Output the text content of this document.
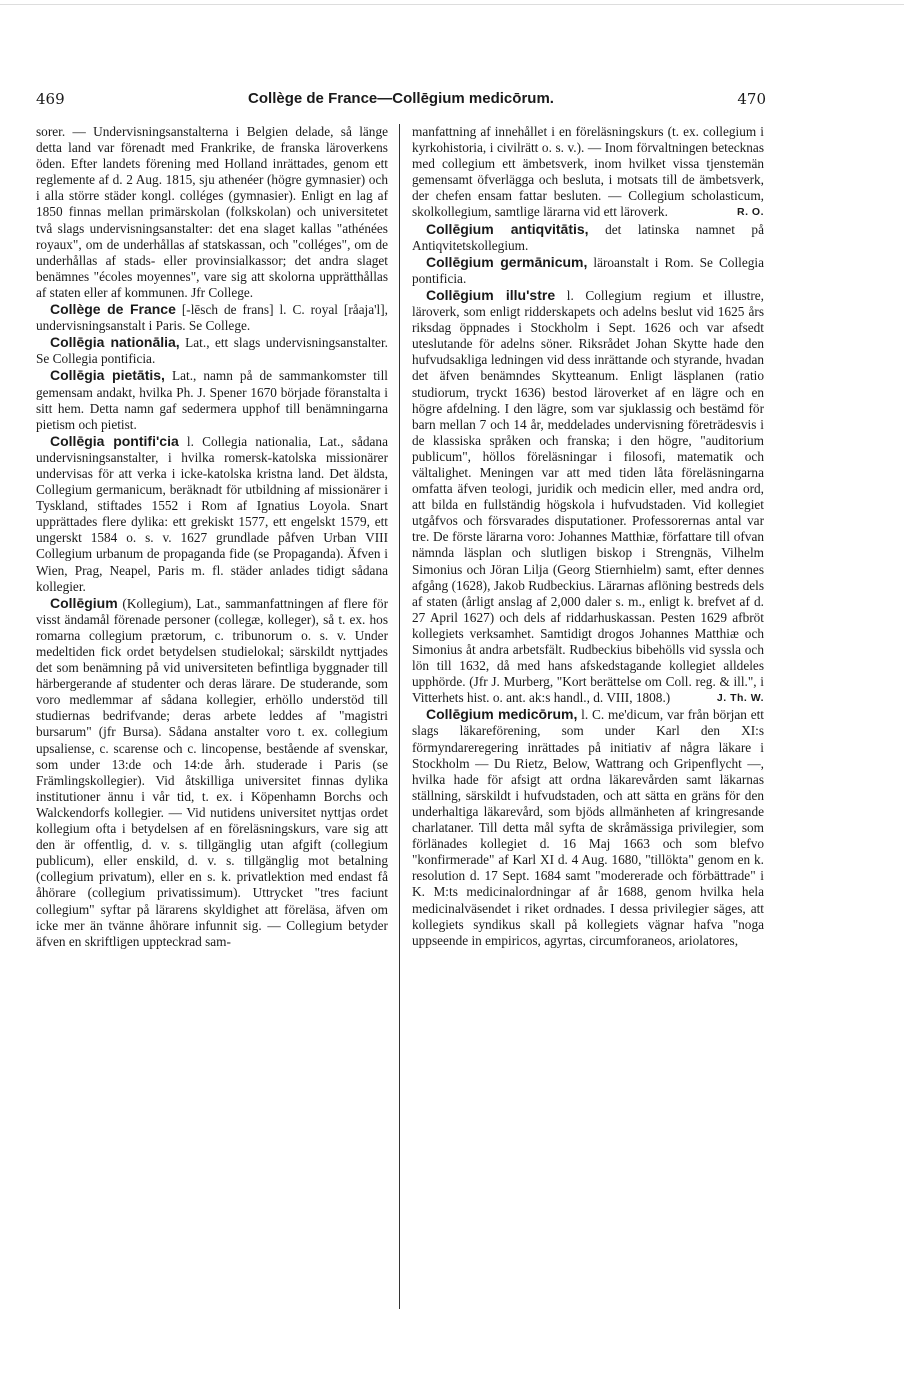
469	Collège de France—Collēgium medicōrum.	470

sorer. — Undervisningsanstalterna i Belgien delade, så länge detta land var förenadt med Frankrike, de franska läroverkens öden. Efter landets förening med Holland inrättades, genom ett reglemente af d. 2 Aug. 1815, sju athenéer (högre gymnasier) och i alla större städer kongl. colléges (gymnasier). Enligt en lag af 1850 finnas mellan primärskolan (folkskolan) och universitetet två slags undervisningsanstalter: det ena slaget kallas "athénées royaux", om de underhållas af statskassan, och "colléges", om de underhållas af stads- eller provinsialkassor; det andra slaget benämnes "écoles moyennes", vare sig att skolorna upprätthållas af staten eller af kommunen. Jfr College.

Collège de France [-lēsch de frans] l. C. royal [råaja'l], undervisningsanstalt i Paris. Se College.

Collēgia nationālia, Lat., ett slags undervisningsanstalter. Se Collegia pontificia.

Collēgia pietātis, Lat., namn på de sammankomster till gemensam andakt, hvilka Ph. J. Spener 1670 började föranstalta i sitt hem. Detta namn gaf sedermera upphof till benämningarna pietism och pietist.

Collēgia pontifi'cia l. Collegia nationalia, Lat., sådana undervisningsanstalter, i hvilka romersk-katolska missionärer undervisas för att verka i icke-katolska kristna land. Det äldsta, Collegium germanicum, beräknadt för utbildning af missionärer i Tyskland, stiftades 1552 i Rom af Ignatius Loyola. Snart upprättades flere dylika: ett grekiskt 1577, ett engelskt 1579, ett ungerskt 1584 o. s. v. 1627 grundlade påfven Urban VIII Collegium urbanum de propaganda fide (se Propaganda). Äfven i Wien, Prag, Neapel, Paris m. fl. städer anlades tidigt sådana kollegier.

Collēgium (Kollegium), Lat., sammanfattningen af flere för visst ändamål förenade personer (collegæ, kolleger), så t. ex. hos romarna collegium prætorum, c. tribunorum o. s. v. Under medeltiden fick ordet betydelsen studielokal; särskildt nyttjades det som benämning på vid universiteten befintliga byggnader till härbergerande af studenter och deras lärare. De studerande, som voro medlemmar af sådana kollegier, erhöllo understöd till studiernas bedrifvande; deras arbete leddes af "magistri bursarum" (jfr Bursa). Sådana anstalter voro t. ex. collegium upsaliense, c. scarense och c. lincopense, bestående af svenskar, som under 13:de och 14:de årh. studerade i Paris (se Främlingskollegier). Vid åtskilliga universitet finnas dylika institutioner ännu i vår tid, t. ex. i Köpenhamn Borchs och Walckendorfs kollegier. — Vid nutidens universitet nyttjas ordet kollegium ofta i betydelsen af en föreläsningskurs, vare sig att den är offentlig, d. v. s. tillgänglig utan afgift (collegium publicum), eller enskild, d. v. s. tillgänglig mot betalning (collegium privatum), eller en s. k. privatlektion med endast få åhörare (collegium privatissimum). Uttrycket "tres faciunt collegium" syftar på lärarens skyldighet att föreläsa, äfven om icke mer än tvänne åhörare infunnit sig. — Collegium betyder äfven en skriftligen uppteckrad sam-

manfattning af innehållet i en föreläsningskurs (t. ex. collegium i kyrkohistoria, i civilrätt o. s. v.). — Inom förvaltningen betecknas med collegium ett ämbetsverk, inom hvilket vissa tjenstemän gemensamt öfverlägga och besluta, i motsats till de ämbetsverk, der chefen ensam fattar besluten. — Collegium scholasticum, skolkollegium, samtlige lärarna vid ett läroverk.	R. O.

Collēgium antiqvitātis, det latinska namnet på Antiqvitetskollegium.

Collēgium germānicum, läroanstalt i Rom. Se Collegia pontificia.

Collēgium illu'stre l. Collegium regium et illustre, läroverk, som enligt ridderskapets och adelns beslut vid 1625 års riksdag öppnades i Stockholm i Sept. 1626 och var afsedt uteslutande för adelns söner. Riksrådet Johan Skytte hade den hufvudsakliga ledningen vid dess inrättande och styrande, hvadan det äfven benämndes Skytteanum. Enligt läsplanen (ratio studiorum, tryckt 1636) bestod läroverket af en lägre och en högre afdelning. I den lägre, som var sjuklassig och bestämd för barn mellan 7 och 14 år, meddelades undervisning företrädesvis i de klassiska språken och franska; i den högre, "auditorium publicum", höllos föreläsningar i filosofi, matematik och vältalighet. Meningen var att med tiden låta föreläsningarna omfatta äfven teologi, juridik och medicin eller, med andra ord, att bilda en fullständig högskola i hufvudstaden. Vid kollegiet utgåfvos och försvarades disputationer. Professorernas antal var tre. De förste lärarna voro: Johannes Matthiæ, författare till ofvan nämnda läsplan och slutligen biskop i Strengnäs, Vilhelm Simonius och Jöran Lilja (Georg Stiernhielm) samt, efter dennes afgång (1628), Jakob Rudbeckius. Lärarnas aflöning bestreds dels af staten (årligt anslag af 2,000 daler s. m., enligt k. brefvet af d. 27 April 1627) och dels af riddarhuskassan. Pesten 1629 afbröt kollegiets verksamhet. Samtidigt drogos Johannes Matthiæ och Simonius åt andra arbetsfält. Rudbeckius bibehölls vid syssla och lön till 1632, då med hans afskedstagande kollegiet alldeles upphörde. (Jfr J. Murberg, "Kort berättelse om Coll. reg. & ill.", i Vitterhets hist. o. ant. ak:s handl., d. VIII, 1808.)	J. Th. W.

Collēgium medicōrum, l. C. me'dicum, var från början ett slags läkareförening, som under Karl den XI:s förmyndareregering inrättades på initiativ af några läkare i Stockholm — Du Rietz, Below, Wattrang och Gripenflycht —, hvilka hade för afsigt att ordna läkarevården samt läkarnas ställning, särskildt i hufvudstaden, och att sätta en gräns för den underhaltiga läkarevård, som bjöds allmänheten af kringresande charlataner. Till detta mål syfta de skråmässiga privilegier, som förlänades kollegiet d. 16 Maj 1663 och som blefvo "konfirmerade" af Karl XI d. 4 Aug. 1680, "tillökta" genom en k. resolution d. 17 Sept. 1684 samt "modererade och förbättrade" i K. M:ts medicinalordningar af år 1688, genom hvilka hela medicinalväsendet i riket ordnades. I dessa privilegier säges, att kollegiets syndikus skall på kollegiets vägnar hafva "noga uppseende in empiricos, agyrtas, circumforaneos, ariolatores,
